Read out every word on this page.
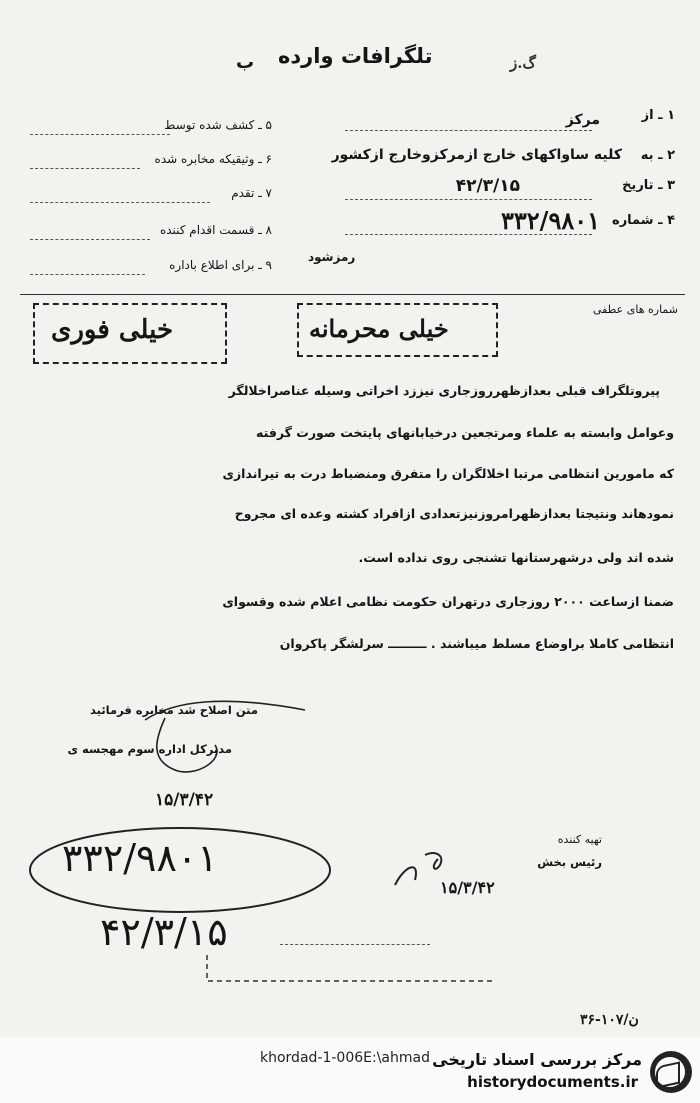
گ.ز
تلگرافات وارده
ب
۱ ـ از
۲ ـ به
۳ ـ تاریخ
۴ ـ شماره
مرکز
کلیه ساواکهای خارج ازمرکزوخارج ازکشور
۴۲/۳/۱۵
۳۳۲/۹۸۰۱
۵ ـ کشف شده توسط
۶ ـ وثیقیکه مخابره شده
۷ ـ تقدم
۸ ـ قسمت اقدام کننده
۹ ـ برای اطلاع باداره
رمزشود
شماره های عطفی
خیلی محرمانه
خیلی فوری
پیروتلگراف قبلی بعدازظهرروزجاری نیززد اخراتی وسیله عناصراخلالگر
وعوامل وابسته به علماء ومرتجعین درخیابانهای پایتخت صورت گرفته
که مامورین انتظامی مرتبا اخلالگران را متفرق ومنضباط درت به تیراندازی
نمودهاند ونتیجتا بعدازظهرامروزنیزتعدادی ازافراد کشته وعده ای مجروح
شده اند ولی درشهرستانها تشنجی روی نداده است.
ضمنا ازساعت ۲۰۰۰ روزجاری درتهران حکومت نظامی اعلام شده وقسوای
انتظامی کاملا براوضاع مسلط میباشند . ـــــــــ سرلشگر پاکروان
متن اصلاح شد مخابره فرمائید
مدیرکل اداره سوم مهجسه ی
۱۵/۳/۴۲
تهیه کننده
رئیس بخش
۱۵/۳/۴۲
۳۳۲/۹۸۰۱
۴۲/۳/۱۵
۳۶-۱۰۷/ن
khordad-1-006E:\ahmad مرکز بررسی اسناد تاریخی
historydocuments.ir
